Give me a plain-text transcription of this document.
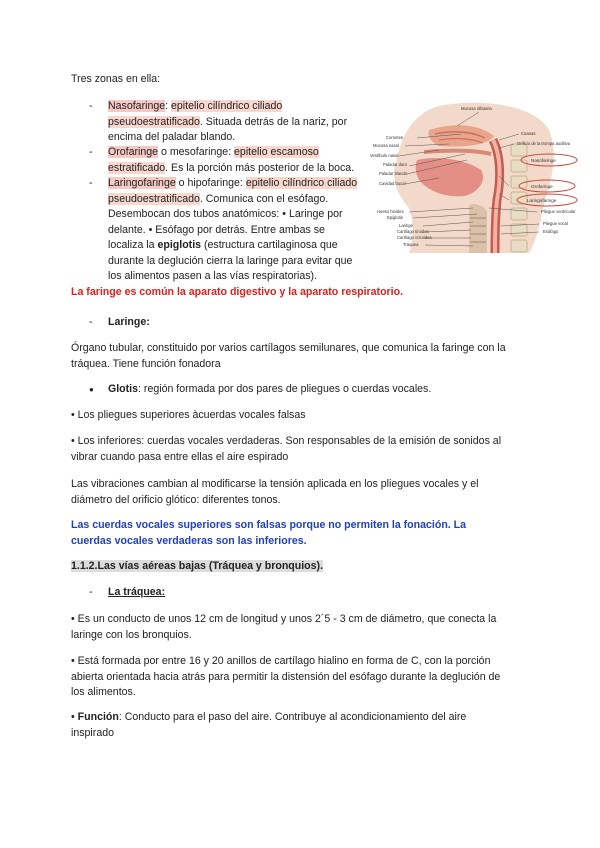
Tres zonas en ella:
-	Nasofaringe: epitelio cilíndrico ciliado
pseudoestratificado. Situada detrás de la nariz, por
encima del paladar blando.
-	Orofaringe o mesofaringe: epitelio escamoso
estratificado. Es la porción más posterior de la boca.
-	Laringofaringe o hipofaringe: epitelio cilíndrico ciliado
pseudoestratificado. Comunica con el esófago.
Desembocan dos tubos anatómicos: • Laringe por
delante. • Esófago por detrás. Entre ambas se
localiza la epiglotis (estructura cartilaginosa que
durante la deglución cierra la laringe para evitar que
los alimentos pasen a las vías respiratorias).
Cornetes
Mucosa nasal
Vestíbulo nasal
Paladar duro
Paladar blando
Cavidad bucal
Hueso hioides
Epiglotis
Laringe
Cartílago tiroides
Cartílago cricoides
Tráquea
Mucosa olfatoria
Coanas
Orificio de la trompa auditiva
Pliegue ventricular
Pliegue vocal
Esófago
Nasofaringe
Orofaringe
Laringofaringe
La faringe es común la aparato digestivo y la aparato respiratorio.
-	Laringe:
Órgano tubular, constituido por varios cartílagos semilunares, que comunica la faringe con la
tráquea. Tiene función fonadora
● Glotis: región formada por dos pares de pliegues o cuerdas vocales.
• Los pliegues superiores àcuerdas vocales falsas
• Los inferiores: cuerdas vocales verdaderas. Son responsables de la emisión de sonidos al
vibrar cuando pasa entre ellas el aire espirado
Las vibraciones cambian al modificarse la tensión aplicada en los pliegues vocales y el
diámetro del orificio glótico: diferentes tonos.
Las cuerdas vocales superiores son falsas porque no permiten la fonación. La
cuerdas vocales verdaderas son las inferiores.
1.1.2.Las vías aéreas bajas (Tráquea y bronquios).
-	La tráquea:
• Es un conducto de unos 12 cm de longitud y unos 2´5 - 3 cm de diámetro, que conecta la
laringe con los bronquios.
• Está formada por entre 16 y 20 anillos de cartílago hialino en forma de C, con la porción
abierta orientada hacia atrás para permitir la distensión del esófago durante la deglución de
los alimentos.
• Función: Conducto para el paso del aire. Contribuye al acondicionamiento del aire
inspirado
